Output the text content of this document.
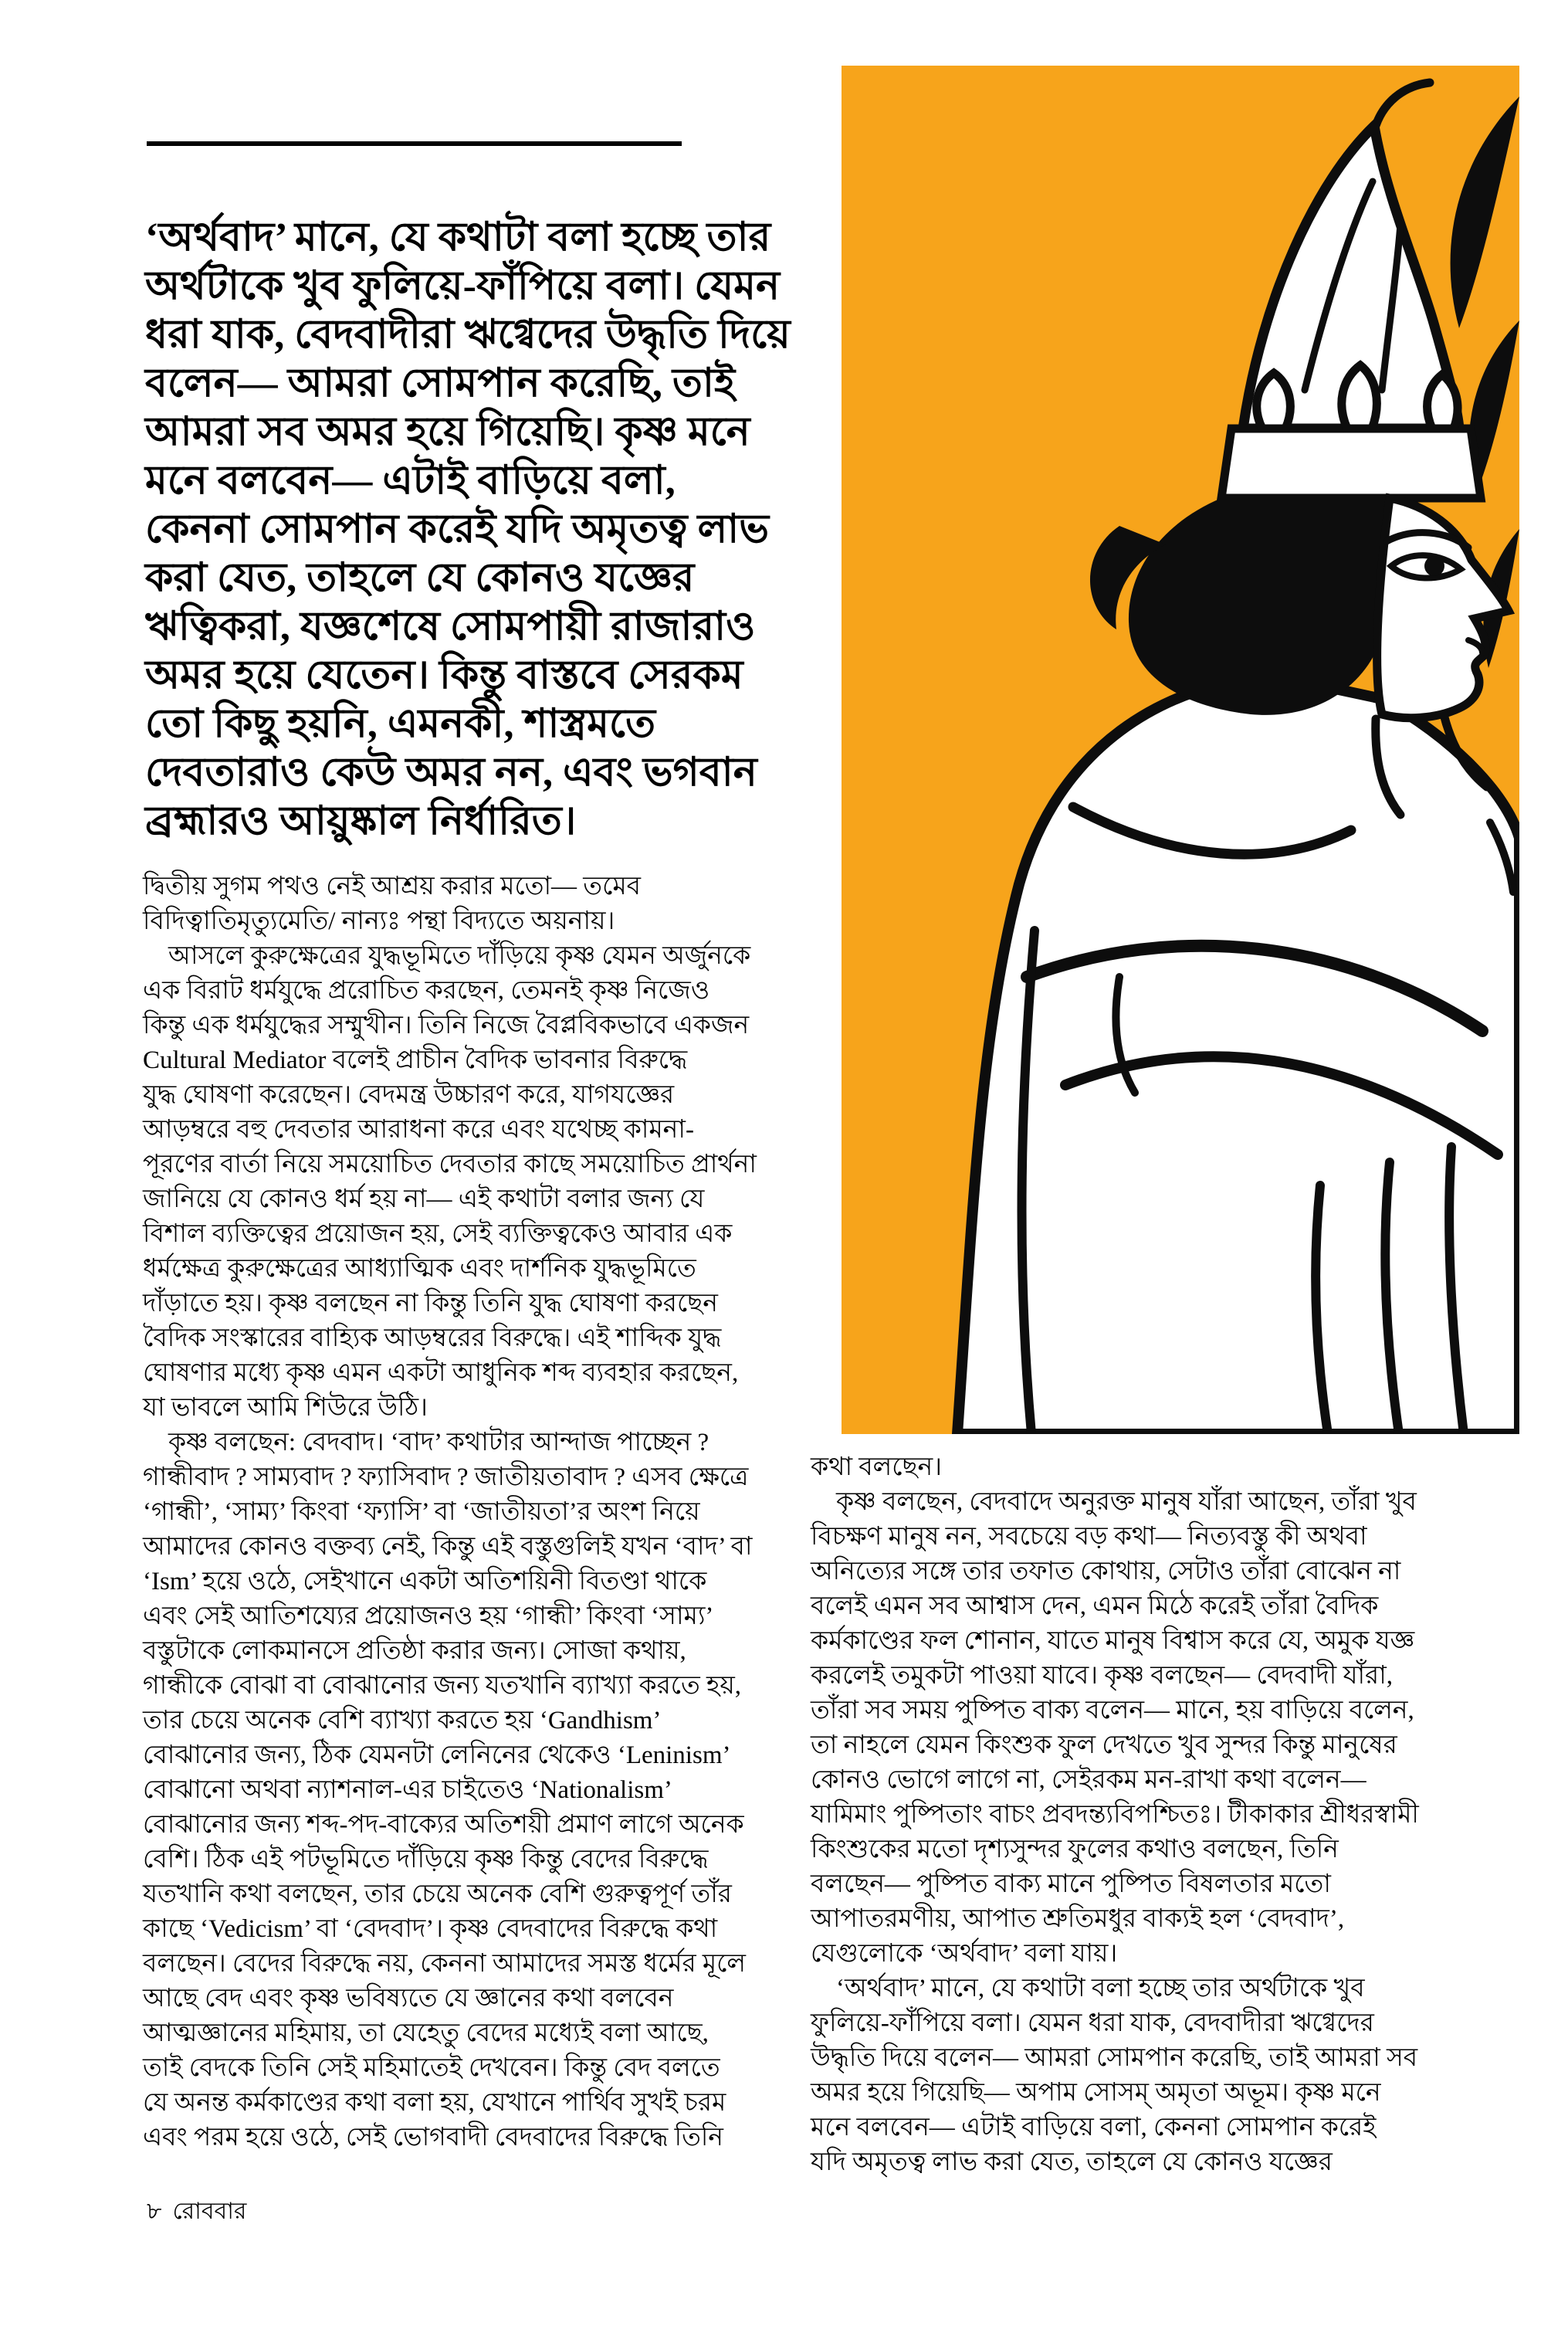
‘অর্থবাদ’ মানে, যে কথাটা বলা হচ্ছে তার
অর্থটাকে খুব ফুলিয়ে-ফাঁপিয়ে বলা। যেমন
ধরা যাক, বেদবাদীরা ঋগ্বেদের উদ্ধৃতি দিয়ে
বলেন— আমরা সোমপান করেছি, তাই
আমরা সব অমর হয়ে গিয়েছি। কৃষ্ণ মনে
মনে বলবেন— এটাই বাড়িয়ে বলা,
কেননা সোমপান করেই যদি অমৃতত্ব লাভ
করা যেত, তাহলে যে কোনও যজ্ঞের
ঋত্বিকরা, যজ্ঞশেষে সোমপায়ী রাজারাও
অমর হয়ে যেতেন। কিন্তু বাস্তবে সেরকম
তো কিছু হয়নি, এমনকী, শাস্ত্রমতে
দেবতারাও কেউ অমর নন, এবং ভগবান
ব্রহ্মারও আয়ুষ্কাল নির্ধারিত।
দ্বিতীয় সুগম পথও নেই আশ্রয় করার মতো— তমেব
বিদিত্বাতিমৃত্যুমেতি/ নান্যঃ পন্থা বিদ্যতে অয়নায়।
 আসলে কুরুক্ষেত্রের যুদ্ধভূমিতে দাঁড়িয়ে কৃষ্ণ যেমন অর্জুনকে
এক বিরাট ধর্মযুদ্ধে প্ররোচিত করছেন, তেমনই কৃষ্ণ নিজেও
কিন্তু এক ধর্মযুদ্ধের সম্মুখীন। তিনি নিজে বৈপ্লবিকভাবে একজন
Cultural Mediator বলেই প্রাচীন বৈদিক ভাবনার বিরুদ্ধে
যুদ্ধ ঘোষণা করেছেন। বেদমন্ত্র উচ্চারণ করে, যাগযজ্ঞের
আড়ম্বরে বহু দেবতার আরাধনা করে এবং যথেচ্ছ কামনা-
পূরণের বার্তা নিয়ে সময়োচিত দেবতার কাছে সময়োচিত প্রার্থনা
জানিয়ে যে কোনও ধর্ম হয় না— এই কথাটা বলার জন্য যে
বিশাল ব্যক্তিত্বের প্রয়োজন হয়, সেই ব্যক্তিত্বকেও আবার এক
ধর্মক্ষেত্র কুরুক্ষেত্রের আধ্যাত্মিক এবং দার্শনিক যুদ্ধভূমিতে
দাঁড়াতে হয়। কৃষ্ণ বলছেন না কিন্তু তিনি যুদ্ধ ঘোষণা করছেন
বৈদিক সংস্কারের বাহ্যিক আড়ম্বরের বিরুদ্ধে। এই শাব্দিক যুদ্ধ
ঘোষণার মধ্যে কৃষ্ণ এমন একটা আধুনিক শব্দ ব্যবহার করছেন,
যা ভাবলে আমি শিউরে উঠি।
 কৃষ্ণ বলছেন: বেদবাদ। ‘বাদ’ কথাটার আন্দাজ পাচ্ছেন ?
গান্ধীবাদ ? সাম্যবাদ ? ফ্যাসিবাদ ? জাতীয়তাবাদ ? এসব ক্ষেত্রে
‘গান্ধী’, ‘সাম্য’ কিংবা ‘ফ্যাসি’ বা ‘জাতীয়তা’র অংশ নিয়ে
আমাদের কোনও বক্তব্য নেই, কিন্তু এই বস্তুগুলিই যখন ‘বাদ’ বা
‘Ism’ হয়ে ওঠে, সেইখানে একটা অতিশয়িনী বিতণ্ডা থাকে
এবং সেই আতিশয্যের প্রয়োজনও হয় ‘গান্ধী’ কিংবা ‘সাম্য’
বস্তুটাকে লোকমানসে প্রতিষ্ঠা করার জন্য। সোজা কথায়,
গান্ধীকে বোঝা বা বোঝানোর জন্য যতখানি ব্যাখ্যা করতে হয়,
তার চেয়ে অনেক বেশি ব্যাখ্যা করতে হয় ‘Gandhism’
বোঝানোর জন্য, ঠিক যেমনটা লেনিনের থেকেও ‘Leninism’
বোঝানো অথবা ন্যাশনাল-এর চাইতেও ‘Nationalism’
বোঝানোর জন্য শব্দ-পদ-বাক্যের অতিশয়ী প্রমাণ লাগে অনেক
বেশি। ঠিক এই পটভূমিতে দাঁড়িয়ে কৃষ্ণ কিন্তু বেদের বিরুদ্ধে
যতখানি কথা বলছেন, তার চেয়ে অনেক বেশি গুরুত্বপূর্ণ তাঁর
কাছে ‘Vedicism’ বা ‘বেদবাদ’। কৃষ্ণ বেদবাদের বিরুদ্ধে কথা
বলছেন। বেদের বিরুদ্ধে নয়, কেননা আমাদের সমস্ত ধর্মের মূলে
আছে বেদ এবং কৃষ্ণ ভবিষ্যতে যে জ্ঞানের কথা বলবেন
আত্মজ্ঞানের মহিমায়, তা যেহেতু বেদের মধ্যেই বলা আছে,
তাই বেদকে তিনি সেই মহিমাতেই দেখবেন। কিন্তু বেদ বলতে
যে অনন্ত কর্মকাণ্ডের কথা বলা হয়, যেখানে পার্থিব সুখই চরম
এবং পরম হয়ে ওঠে, সেই ভোগবাদী বেদবাদের বিরুদ্ধে তিনি
কথা বলছেন।
 কৃষ্ণ বলছেন, বেদবাদে অনুরক্ত মানুষ যাঁরা আছেন, তাঁরা খুব
বিচক্ষণ মানুষ নন, সবচেয়ে বড় কথা— নিত্যবস্তু কী অথবা
অনিত্যের সঙ্গে তার তফাত কোথায়, সেটাও তাঁরা বোঝেন না
বলেই এমন সব আশ্বাস দেন, এমন মিঠে করেই তাঁরা বৈদিক
কর্মকাণ্ডের ফল শোনান, যাতে মানুষ বিশ্বাস করে যে, অমুক যজ্ঞ
করলেই তমুকটা পাওয়া যাবে। কৃষ্ণ বলছেন— বেদবাদী যাঁরা,
তাঁরা সব সময় পুষ্পিত বাক্য বলেন— মানে, হয় বাড়িয়ে বলেন,
তা নাহলে যেমন কিংশুক ফুল দেখতে খুব সুন্দর কিন্তু মানুষের
কোনও ভোগে লাগে না, সেইরকম মন-রাখা কথা বলেন—
যামিমাং পুষ্পিতাং বাচং প্রবদন্ত্যবিপশ্চিতঃ। টীকাকার শ্রীধরস্বামী
কিংশুকের মতো দৃশ্যসুন্দর ফুলের কথাও বলছেন, তিনি
বলছেন— পুষ্পিত বাক্য মানে পুষ্পিত বিষলতার মতো
আপাতরমণীয়, আপাত শ্রুতিমধুর বাক্যই হল ‘বেদবাদ’,
যেগুলোকে ‘অর্থবাদ’ বলা যায়।
 ‘অর্থবাদ’ মানে, যে কথাটা বলা হচ্ছে তার অর্থটাকে খুব
ফুলিয়ে-ফাঁপিয়ে বলা। যেমন ধরা যাক, বেদবাদীরা ঋগ্বেদের
উদ্ধৃতি দিয়ে বলেন— আমরা সোমপান করেছি, তাই আমরা সব
অমর হয়ে গিয়েছি— অপাম সোসম্ অমৃতা অভূম। কৃষ্ণ মনে
মনে বলবেন— এটাই বাড়িয়ে বলা, কেননা সোমপান করেই
যদি অমৃতত্ব লাভ করা যেত, তাহলে যে কোনও যজ্ঞের
৮ রোববার
